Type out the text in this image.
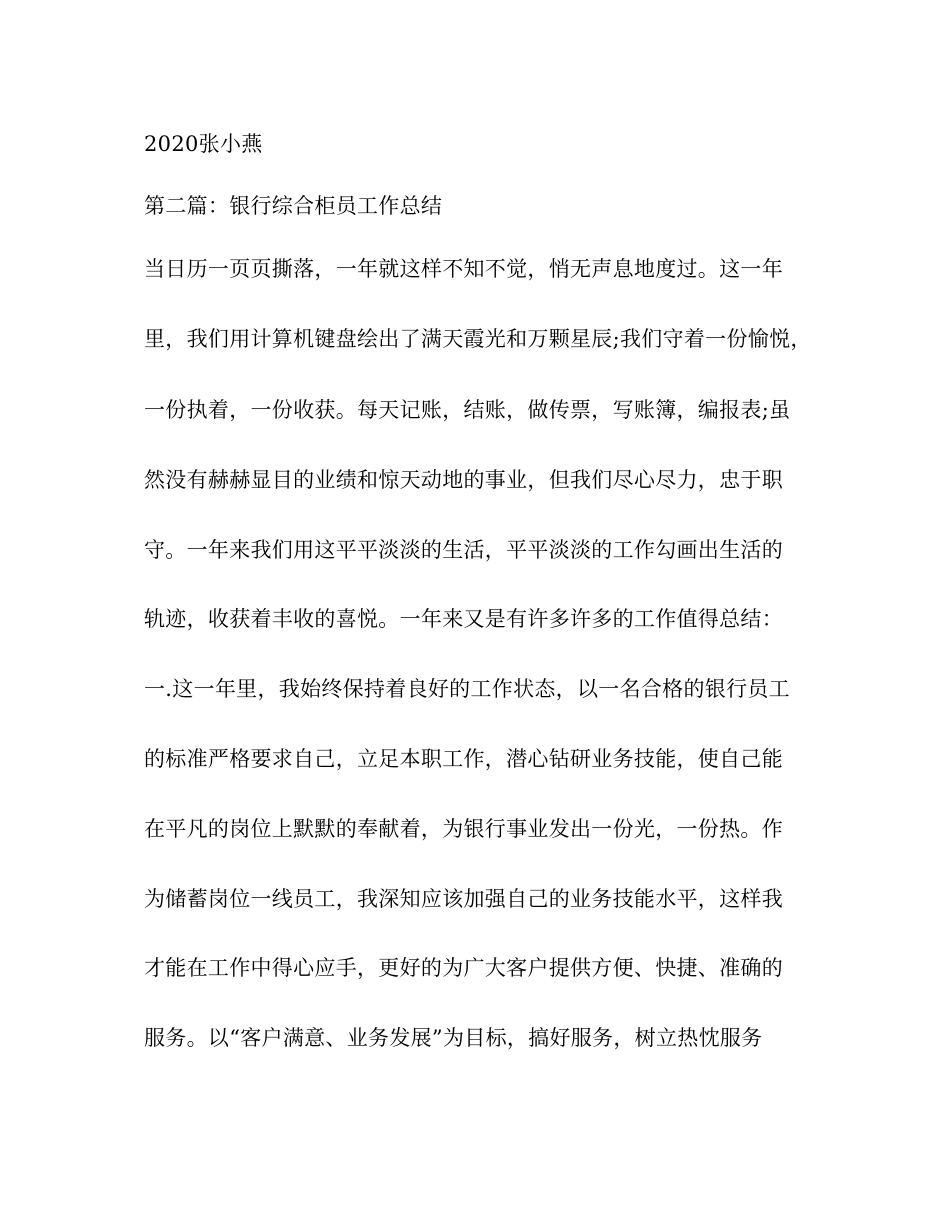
2020张小燕
第二篇：银行综合柜员工作总结
当日历一页页撕落，一年就这样不知不觉，悄无声息地度过。这一年
里，我们用计算机键盘绘出了满天霞光和万颗星辰;我们守着一份愉悦，
一份执着，一份收获。每天记账，结账，做传票，写账簿，编报表;虽
然没有赫赫显目的业绩和惊天动地的事业，但我们尽心尽力，忠于职
守。一年来我们用这平平淡淡的生活，平平淡淡的工作勾画出生活的
轨迹，收获着丰收的喜悦。一年来又是有许多许多的工作值得总结：
一.这一年里，我始终保持着良好的工作状态，以一名合格的银行员工
的标准严格要求自己，立足本职工作，潜心钻研业务技能，使自己能
在平凡的岗位上默默的奉献着，为银行事业发出一份光，一份热。作
为储蓄岗位一线员工，我深知应该加强自己的业务技能水平，这样我
才能在工作中得心应手，更好的为广大客户提供方便、快捷、准确的
服务。以“客户满意、业务发展”为目标，搞好服务，树立热忱服务
